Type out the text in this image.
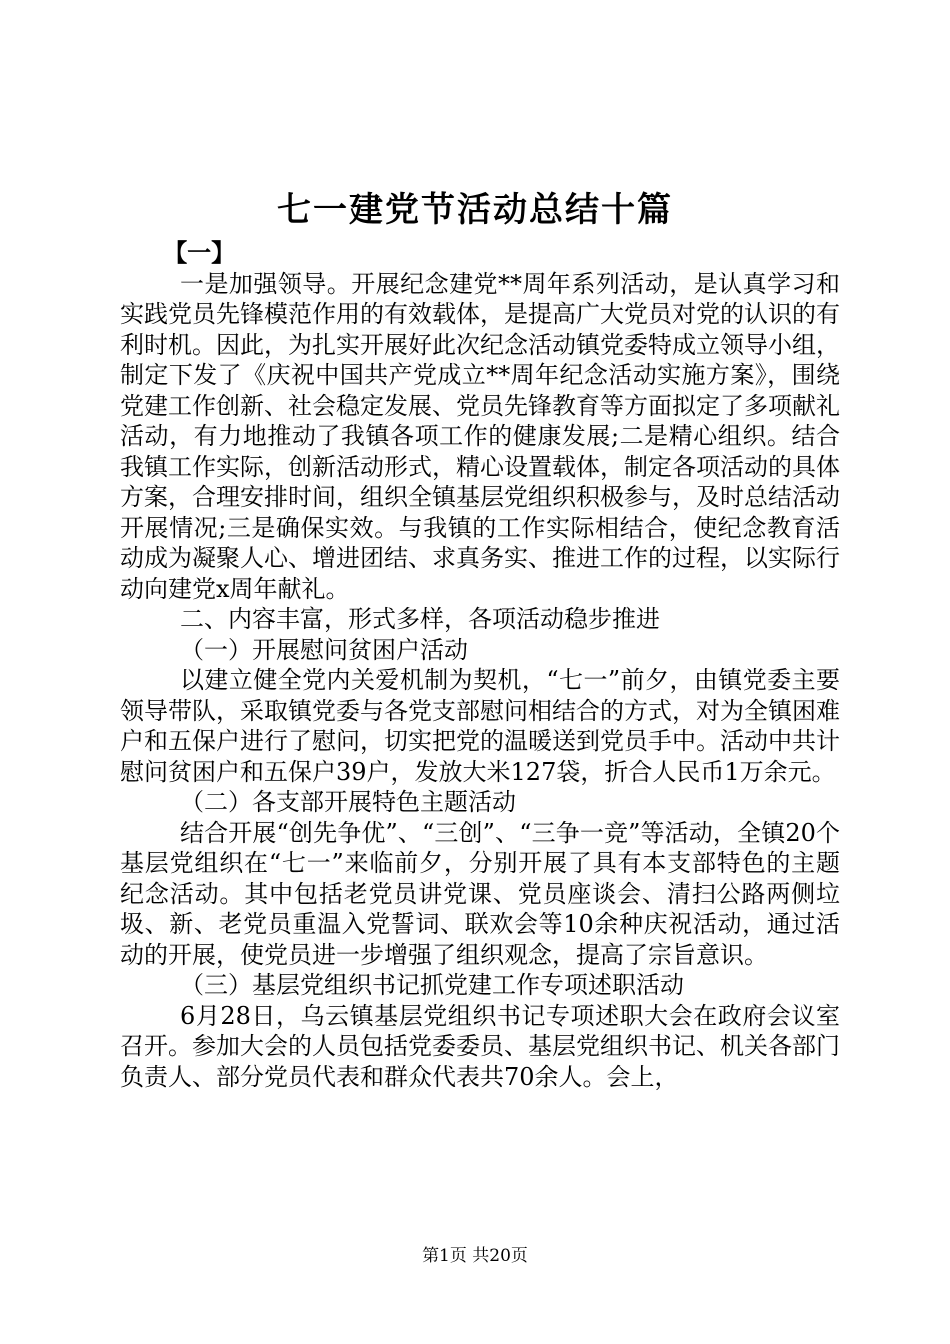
七一建党节活动总结十篇

【一】

一是加强领导。开展纪念建党**周年系列活动，是认真学习和实践党员先锋模范作用的有效载体，是提高广大党员对党的认识的有利时机。因此，为扎实开展好此次纪念活动镇党委特成立领导小组，制定下发了《庆祝中国共产党成立**周年纪念活动实施方案》，围绕党建工作创新、社会稳定发展、党员先锋教育等方面拟定了多项献礼活动，有力地推动了我镇各项工作的健康发展;二是精心组织。结合我镇工作实际，创新活动形式，精心设置载体，制定各项活动的具体方案，合理安排时间，组织全镇基层党组织积极参与，及时总结活动开展情况;三是确保实效。与我镇的工作实际相结合，使纪念教育活动成为凝聚人心、增进团结、求真务实、推进工作的过程，以实际行动向建党x周年献礼。

二、内容丰富，形式多样，各项活动稳步推进

（一）开展慰问贫困户活动

以建立健全党内关爱机制为契机，“七一”前夕，由镇党委主要领导带队，采取镇党委与各党支部慰问相结合的方式，对为全镇困难户和五保户进行了慰问，切实把党的温暖送到党员手中。活动中共计慰问贫困户和五保户39户，发放大米127袋，折合人民币1万余元。

（二）各支部开展特色主题活动

结合开展“创先争优”、“三创”、“三争一竞”等活动，全镇20个基层党组织在“七一”来临前夕，分别开展了具有本支部特色的主题纪念活动。其中包括老党员讲党课、党员座谈会、清扫公路两侧垃圾、新、老党员重温入党誓词、联欢会等10余种庆祝活动，通过活动的开展，使党员进一步增强了组织观念，提高了宗旨意识。

（三）基层党组织书记抓党建工作专项述职活动

6月28日，乌云镇基层党组织书记专项述职大会在政府会议室召开。参加大会的人员包括党委委员、基层党组织书记、机关各部门负责人、部分党员代表和群众代表共70余人。会上，

第1页 共20页
